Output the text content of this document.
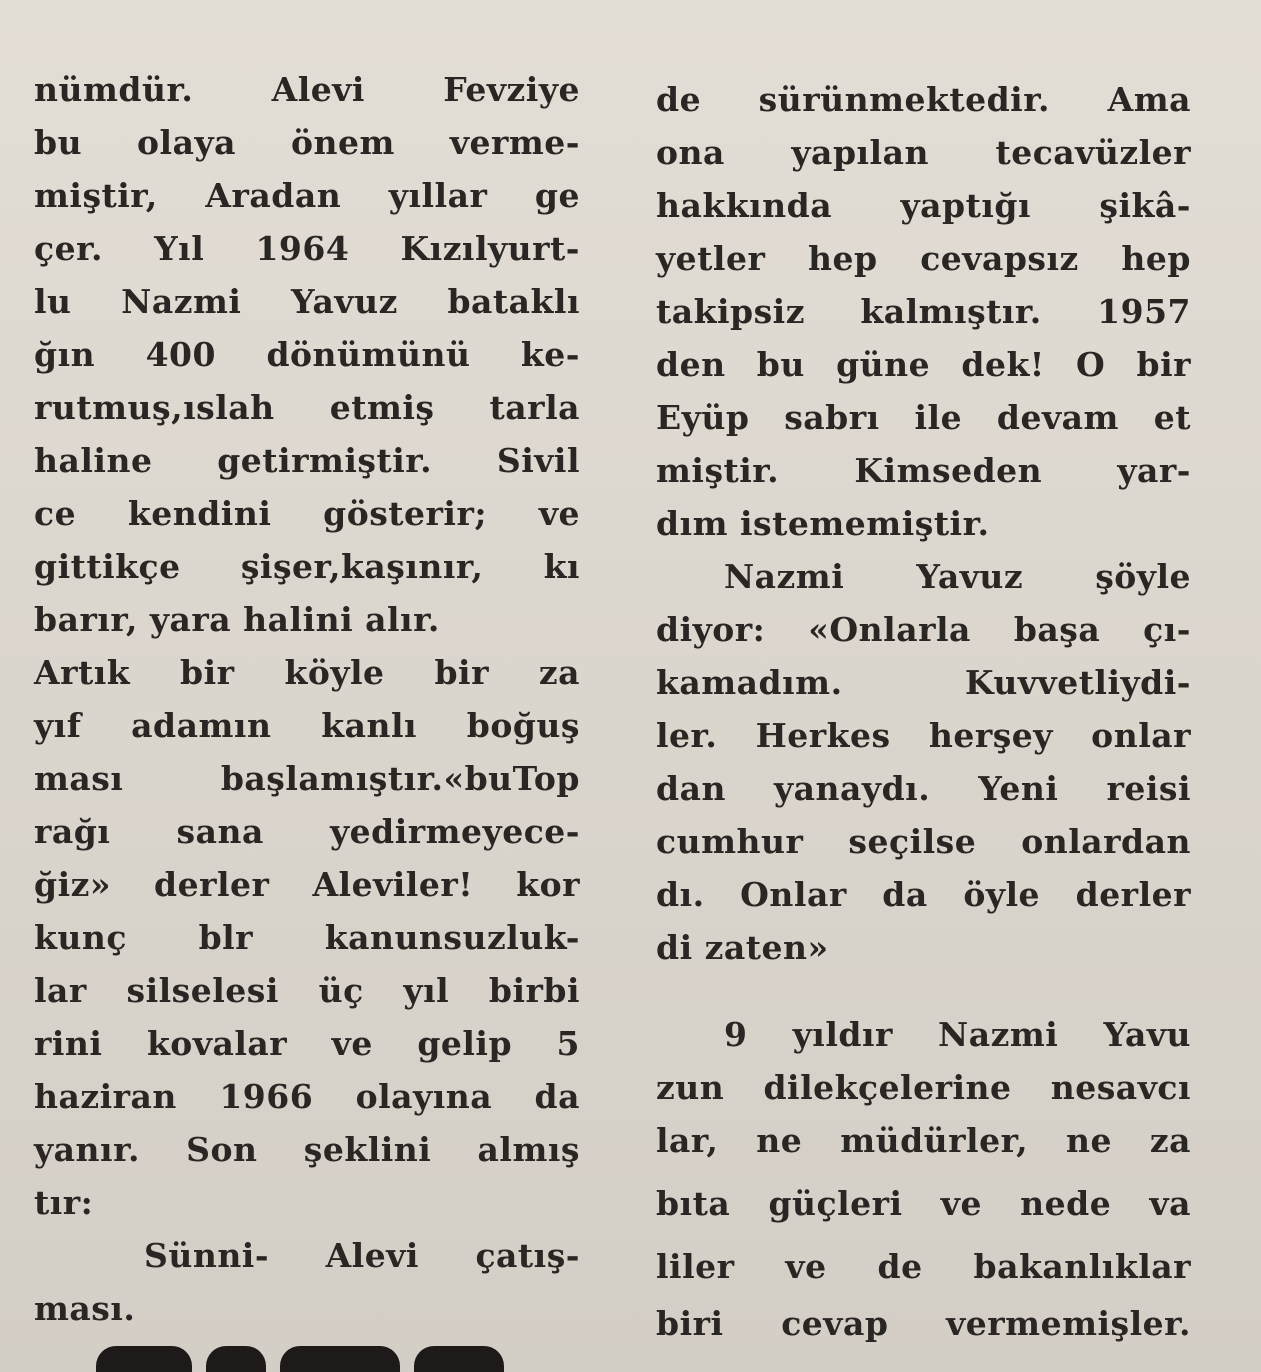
nümdür. Alevi Fevziye
bu olaya önem verme-
miştir, Aradan yıllar ge
çer. Yıl 1964 Kızılyurt-
lu Nazmi Yavuz bataklı
ğın 400 dönümünü ke-
rutmuş,ıslah etmiş tarla
haline getirmiştir. Sivil
ce kendini gösterir; ve
gittikçe şişer,kaşınır, kı
barır, yara halini alır.
Artık bir köyle bir za
yıf adamın kanlı boğuş
ması başlamıştır.«buTop
rağı sana yedirmeyece-
ğiz» derler Aleviler! kor
kunç blr kanunsuzluk-
lar silselesi üç yıl birbi
rini kovalar ve gelip 5
haziran 1966 olayına da
yanır. Son şeklini almış
tır:
Sünni- Alevi çatış-
ması.
de sürünmektedir. Ama
ona yapılan tecavüzler
hakkında yaptığı şikâ-
yetler hep cevapsız hep
takipsiz kalmıştır. 1957
den bu güne dek! O bir
Eyüp sabrı ile devam et
miştir. Kimseden yar-
dım istememiştir.
Nazmi Yavuz şöyle
diyor: «Onlarla başa çı-
kamadım. Kuvvetliydi-
ler. Herkes herşey onlar
dan yanaydı. Yeni reisi
cumhur seçilse onlardan
dı. Onlar da öyle derler
di zaten»
9 yıldır Nazmi Yavu
zun dilekçelerine nesavcı
lar, ne müdürler, ne za
bıta güçleri ve nede va
liler ve de bakanlıklar
biri cevap vermemişler.
